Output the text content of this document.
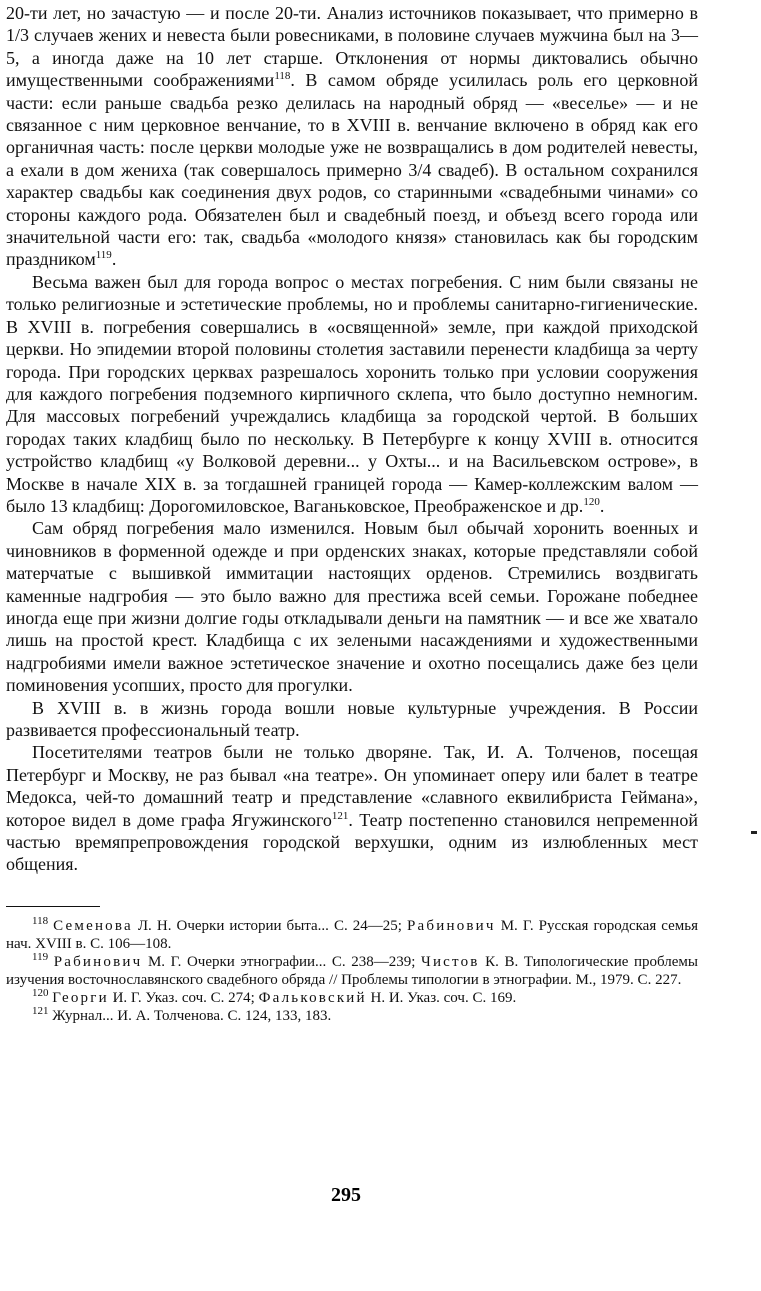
20-ти лет, но зачастую — и после 20-ти. Анализ источников показывает, что примерно в 1/3 случаев жених и невеста были ровесниками, в половине случаев мужчина был на 3—5, а иногда даже на 10 лет старше. Отклонения от нормы диктовались обычно имущественными соображениями$^{118}$. В самом обряде усилилась роль его церковной части: если раньше свадьба резко делилась на народный обряд — «веселье» — и не связанное с ним церковное венчание, то в XVIII в. венчание включено в обряд как его органичная часть: после церкви молодые уже не возвращались в дом родителей невесты, а ехали в дом жениха (так совершалось примерно 3/4 свадеб). В остальном сохранился характер свадьбы как соединения двух родов, со старинными «свадебными чинами» со стороны каждого рода. Обязателен был и свадебный поезд, и объезд всего города или значительной части его: так, свадьба «молодого князя» становилась как бы городским праздником$^{119}$.

Весьма важен был для города вопрос о местах погребения. С ним были связаны не только религиозные и эстетические проблемы, но и проблемы санитарно-гигиенические. В XVIII в. погребения совершались в «освященной» земле, при каждой приходской церкви. Но эпидемии второй половины столетия заставили перенести кладбища за черту города. При городских церквах разрешалось хоронить только при условии сооружения для каждого погребения подземного кирпичного склепа, что было доступно немногим. Для массовых погребений учреждались кладбища за городской чертой. В больших городах таких кладбищ было по нескольку. В Петербурге к концу XVIII в. относится устройство кладбищ «у Волковой деревни... у Охты... и на Васильевском острове», в Москве в начале XIX в. за тогдашней границей города — Камер-коллежским валом — было 13 кладбищ: Дорогомиловское, Ваганьковское, Преображенское и др.$^{120}$.

Сам обряд погребения мало изменился. Новым был обычай хоронить военных и чиновников в форменной одежде и при орденских знаках, которые представляли собой матерчатые с вышивкой иммитации настоящих орденов. Стремились воздвигать каменные надгробия — это было важно для престижа всей семьи. Горожане победнее иногда еще при жизни долгие годы откладывали деньги на памятник — и все же хватало лишь на простой крест. Кладбища с их зелеными насаждениями и художественными надгробиями имели важное эстетическое значение и охотно посещались даже без цели поминовения усопших, просто для прогулки.

В XVIII в. в жизнь города вошли новые культурные учреждения. В России развивается профессиональный театр.

Посетителями театров были не только дворяне. Так, И. А. Толченов, посещая Петербург и Москву, не раз бывал «на театре». Он упоминает оперу или балет в театре Медокса, чей-то домашний театр и представление «славного еквилибриста Геймана», которое видел в доме графа Ягужинского$^{121}$. Театр постепенно становился непременной частью времяпрепровождения городской верхушки, одним из излюбленных мест общения.

$^{118}$ Семенова Л. Н. Очерки истории быта... С. 24—25; Рабинович М. Г. Русская городская семья нач. XVIII в. С. 106—108.

$^{119}$ Рабинович М. Г. Очерки этнографии... С. 238—239; Чистов К. В. Типологические проблемы изучения восточнославянского свадебного обряда // Проблемы типологии в этнографии. М., 1979. С. 227.

$^{120}$ Георги И. Г. Указ. соч. С. 274; Фальковский Н. И. Указ. соч. С. 169.

$^{121}$ Журнал... И. А. Толченова. С. 124, 133, 183.

295
